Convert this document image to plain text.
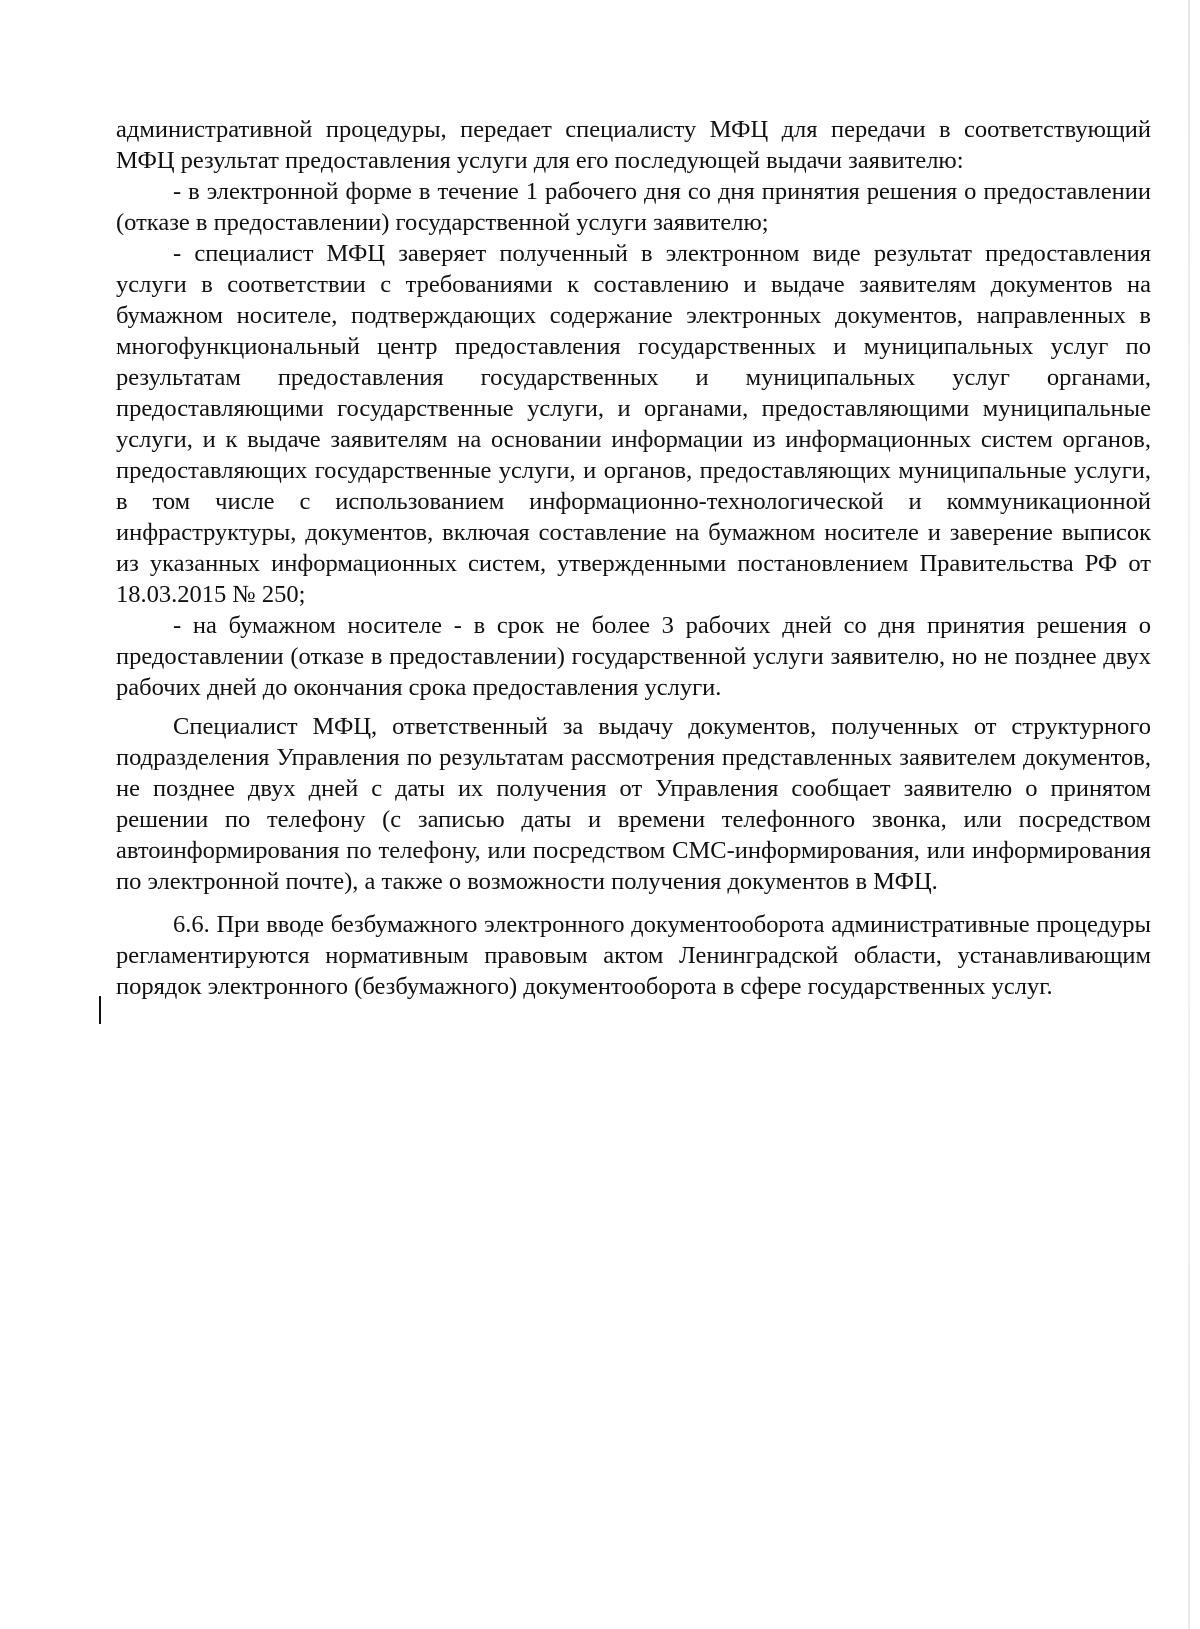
административной процедуры, передает специалисту МФЦ для передачи в соответствующий МФЦ результат предоставления услуги для его последующей выдачи заявителю:

- в электронной форме в течение 1 рабочего дня со дня принятия решения о предоставлении (отказе в предоставлении) государственной услуги заявителю;

- специалист МФЦ заверяет полученный в электронном виде результат предоставления услуги в соответствии с требованиями к составлению и выдаче заявителям документов на бумажном носителе, подтверждающих содержание электронных документов, направленных в многофункциональный центр предоставления государственных и муниципальных услуг по результатам предоставления государственных и муниципальных услуг органами, предоставляющими государственные услуги, и органами, предоставляющими муниципальные услуги, и к выдаче заявителям на основании информации из информационных систем органов, предоставляющих государственные услуги, и органов, предоставляющих муниципальные услуги, в том числе с использованием информационно-технологической и коммуникационной инфраструктуры, документов, включая составление на бумажном носителе и заверение выписок из указанных информационных систем, утвержденными постановлением Правительства РФ от 18.03.2015 № 250;

- на бумажном носителе - в срок не более 3 рабочих дней со дня принятия решения о предоставлении (отказе в предоставлении) государственной услуги заявителю, но не позднее двух рабочих дней до окончания срока предоставления услуги.

Специалист МФЦ, ответственный за выдачу документов, полученных от структурного подразделения Управления по результатам рассмотрения представленных заявителем документов, не позднее двух дней с даты их получения от Управления сообщает заявителю о принятом решении по телефону (с записью даты и времени телефонного звонка, или посредством автоинформирования по телефону, или посредством СМС-информирования, или информирования по электронной почте), а также о возможности получения документов в МФЦ.

6.6. При вводе безбумажного электронного документооборота административные процедуры регламентируются нормативным правовым актом Ленинградской области, устанавливающим порядок электронного (безбумажного) документооборота в сфере государственных услуг.
